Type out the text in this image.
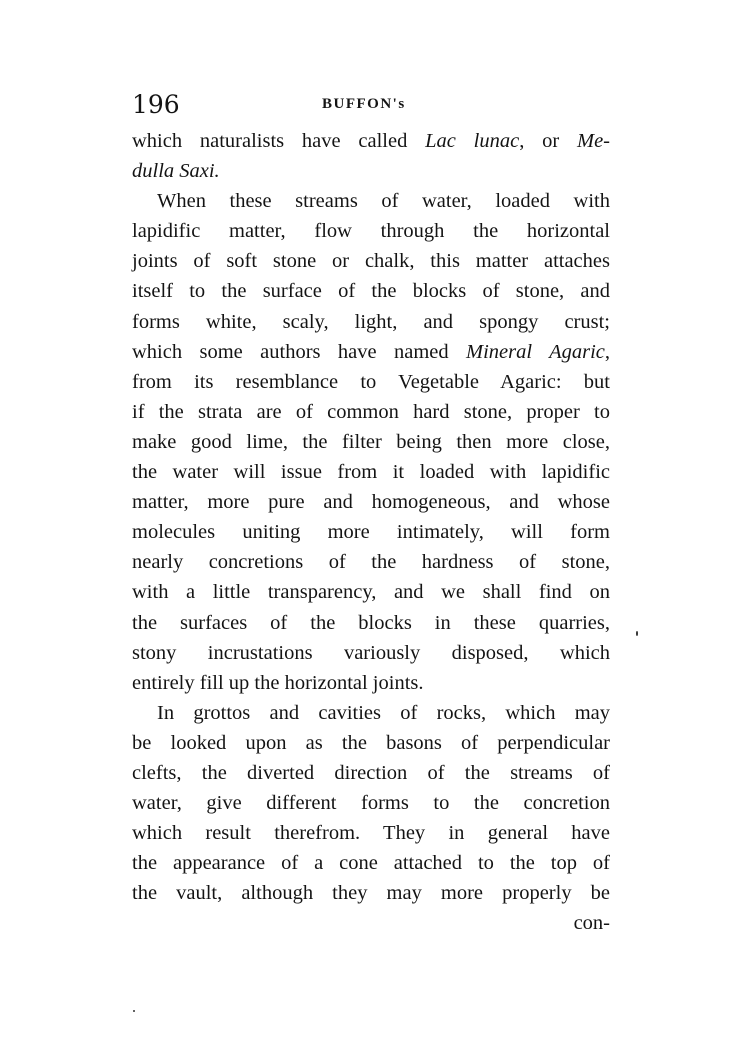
196	BUFFON's
which naturalists have called Lac lunac, or Me-
dulla Saxi.
When these streams of water, loaded with
lapidific matter, flow through the horizontal
joints of soft stone or chalk, this matter attaches
itself to the surface of the blocks of stone, and
forms white, scaly, light, and spongy crust;
which some authors have named Mineral Agaric,
from its resemblance to Vegetable Agaric: but
if the strata are of common hard stone, proper to
make good lime, the filter being then more close,
the water will issue from it loaded with lapidific
matter, more pure and homogeneous, and whose
molecules uniting more intimately, will form
nearly concretions of the hardness of stone,
with a little transparency, and we shall find on
the surfaces of the blocks in these quarries,
stony incrustations variously disposed, which
entirely fill up the horizontal joints.
In grottos and cavities of rocks, which may
be looked upon as the basons of perpendicular
clefts, the diverted direction of the streams of
water, give different forms to the concretion
which result therefrom. They in general have
the appearance of a cone attached to the top of
the vault, although they may more properly be
con-
